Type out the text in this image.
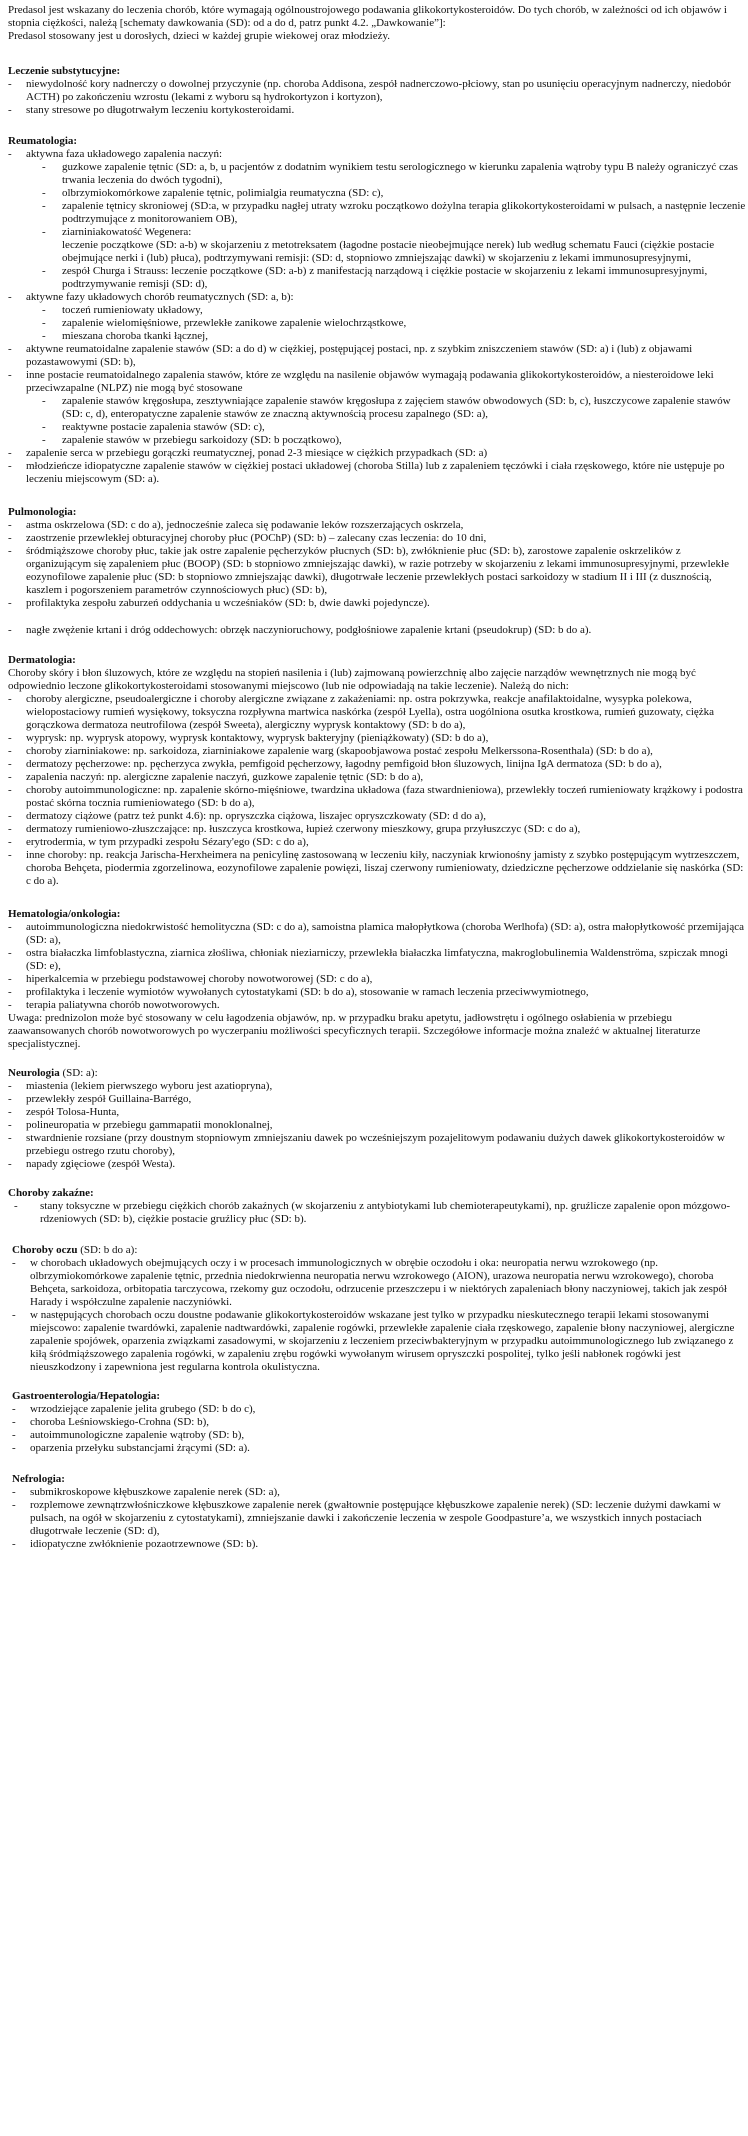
Predasol jest wskazany do leczenia chorób, które wymagają ogólnoustrojowego podawania glikokortykosteroidów. Do tych chorób, w zależności od ich objawów i stopnia ciężkości, należą [schematy dawkowania (SD): od a do d, patrz punkt 4.2. „Dawkowanie”]:

Predasol stosowany jest u dorosłych, dzieci w każdej grupie wiekowej oraz młodzieży.

Leczenie substytucyjne:

- niewydolność kory nadnerczy o dowolnej przyczynie (np. choroba Addisona, zespół nadnerczowo-płciowy, stan po usunięciu operacyjnym nadnerczy, niedobór ACTH) po zakończeniu wzrostu (lekami z wyboru są hydrokortyzon i kortyzon),
- stany stresowe po długotrwałym leczeniu kortykosteroidami.

Reumatologia:

- aktywna faza układowego zapalenia naczyń:
- guzkowe zapalenie tętnic (SD: a, b, u pacjentów z dodatnim wynikiem testu serologicznego w kierunku zapalenia wątroby typu B należy ograniczyć czas trwania leczenia do dwóch tygodni),
- olbrzymiokomórkowe zapalenie tętnic, polimialgia reumatyczna (SD: c),
- zapalenie tętnicy skroniowej (SD:a, w przypadku nagłej utraty wzroku początkowo dożylna terapia glikokortykosteroidami w pulsach, a następnie leczenie podtrzymujące z monitorowaniem OB),
- ziarniniakowatość Wegenera:
leczenie początkowe (SD: a-b) w skojarzeniu z metotreksatem (łagodne postacie nieobejmujące nerek) lub według schematu Fauci (ciężkie postacie obejmujące nerki i (lub) płuca), podtrzymywani remisji: (SD: d, stopniowo zmniejszając dawki) w skojarzeniu z lekami immunosupresyjnymi,
- zespół Churga i Strauss: leczenie początkowe (SD: a-b) z manifestacją narządową i ciężkie postacie w skojarzeniu z lekami immunosupresyjnymi, podtrzymywanie remisji (SD: d),
- aktywne fazy układowych chorób reumatycznych (SD: a, b):
- toczeń rumieniowaty układowy,
- zapalenie wielomięśniowe, przewlekłe zanikowe zapalenie wielochrząstkowe,
- mieszana choroba tkanki łącznej,
- aktywne reumatoidalne zapalenie stawów (SD: a do d) w ciężkiej, postępującej postaci, np. z szybkim zniszczeniem stawów (SD: a) i (lub) z objawami pozastawowymi (SD: b),
- inne postacie reumatoidalnego zapalenia stawów, które ze względu na nasilenie objawów wymagają podawania glikokortykosteroidów, a niesteroidowe leki przeciwzapalne (NLPZ) nie mogą być stosowane
- zapalenie stawów kręgosłupa, zesztywniające zapalenie stawów kręgosłupa z zajęciem stawów obwodowych (SD: b, c), łuszczycowe zapalenie stawów (SD: c, d), enteropatyczne zapalenie stawów ze znaczną aktywnością procesu zapalnego (SD: a),
- reaktywne postacie zapalenia stawów (SD: c),
- zapalenie stawów w przebiegu sarkoidozy (SD: b początkowo),
- zapalenie serca w przebiegu gorączki reumatycznej, ponad 2-3 miesiące w ciężkich przypadkach (SD: a)
- młodzieńcze idiopatyczne zapalenie stawów w ciężkiej postaci układowej (choroba Stilla) lub z zapaleniem tęczówki i ciała rzęskowego, które nie ustępuje po leczeniu miejscowym (SD: a).

Pulmonologia:

- astma oskrzelowa (SD: c do a), jednocześnie zaleca się podawanie leków rozszerzających oskrzela,
- zaostrzenie przewlekłej obturacyjnej choroby płuc (POChP) (SD: b) – zalecany czas leczenia: do 10 dni,
- śródmiąższowe choroby płuc, takie jak ostre zapalenie pęcherzyków płucnych (SD: b), zwłóknienie płuc (SD: b), zarostowe zapalenie oskrzelików z organizującym się zapaleniem płuc (BOOP) (SD: b stopniowo zmniejszając dawki), w razie potrzeby w skojarzeniu z lekami immunosupresyjnymi, przewlekłe eozynofilowe zapalenie płuc (SD: b stopniowo zmniejszając dawki), długotrwałe leczenie przewlekłych postaci sarkoidozy w stadium II i III (z dusznością, kaszlem i pogorszeniem parametrów czynnościowych płuc) (SD: b),
- profilaktyka zespołu zaburzeń oddychania u wcześniaków (SD: b, dwie dawki pojedyncze).
- nagłe zwężenie krtani i dróg oddechowych: obrzęk naczynioruchowy, podgłośniowe zapalenie krtani (pseudokrup) (SD: b do a).

Dermatologia:

Choroby skóry i błon śluzowych, które ze względu na stopień nasilenia i (lub) zajmowaną powierzchnię albo zajęcie narządów wewnętrznych nie mogą być odpowiednio leczone glikokortykosteroidami stosowanymi miejscowo (lub nie odpowiadają na takie leczenie). Należą do nich:

- choroby alergiczne, pseudoalergiczne i choroby alergiczne związane z zakażeniami: np. ostra pokrzywka, reakcje anafilaktoidalne, wysypka polekowa, wielopostaciowy rumień wysiękowy, toksyczna rozpływna martwica naskórka (zespół Lyella), ostra uogólniona osutka krostkowa, rumień guzowaty, ciężka gorączkowa dermatoza neutrofilowa (zespół Sweeta), alergiczny wyprysk kontaktowy (SD: b do a),
- wyprysk: np. wyprysk atopowy, wyprysk kontaktowy, wyprysk bakteryjny (pieniążkowaty) (SD: b do a),
- choroby ziarniniakowe: np. sarkoidoza, ziarniniakowe zapalenie warg (skapoobjawowa postać zespołu Melkerssona-Rosenthala) (SD: b do a),
- dermatozy pęcherzowe: np. pęcherzyca zwykła, pemfigoid pęcherzowy, łagodny pemfigoid błon śluzowych, linijna IgA dermatoza (SD: b do a),
- zapalenia naczyń: np. alergiczne zapalenie naczyń, guzkowe zapalenie tętnic (SD: b do a),
- choroby autoimmunologiczne: np. zapalenie skórno-mięśniowe, twardzina układowa (faza stwardnieniowa), przewlekły toczeń rumieniowaty krążkowy i podostra postać skórna tocznia rumieniowatego (SD: b do a),
- dermatozy ciążowe (patrz też punkt 4.6): np. opryszczka ciążowa, liszajec opryszczkowaty (SD: d do a),
- dermatozy rumieniowo-złuszczające: np. łuszczyca krostkowa, łupież czerwony mieszkowy, grupa przyłuszczyc (SD: c do a),
- erytrodermia, w tym przypadki zespołu Sézary'ego (SD: c do a),
- inne choroby: np. reakcja Jarischa-Herxheimera na penicylinę zastosowaną w leczeniu kiły, naczyniak krwionośny jamisty z szybko postępującym wytrzeszczem, choroba Behçeta, piodermia zgorzelinowa, eozynofilowe zapalenie powięzi, liszaj czerwony rumieniowaty, dziedziczne pęcherzowe oddzielanie się naskórka (SD: c do a).

Hematologia/onkologia:

- autoimmunologiczna niedokrwistość hemolityczna (SD: c do a), samoistna plamica małopłytkowa (choroba Werlhofa) (SD: a), ostra małopłytkowość przemijająca (SD: a),
- ostra białaczka limfoblastyczna, ziarnica złośliwa, chłoniak nieziarniczy, przewlekła białaczka limfatyczna, makroglobulinemia Waldenströma, szpiczak mnogi (SD: e),
- hiperkalcemia w przebiegu podstawowej choroby nowotworowej (SD: c do a),
- profilaktyka i leczenie wymiotów wywołanych cytostatykami (SD: b do a), stosowanie w ramach leczenia przeciwwymiotnego,
- terapia paliatywna chorób nowotworowych.

Uwaga: prednizolon może być stosowany w celu łagodzenia objawów, np. w przypadku braku apetytu, jadłowstrętu i ogólnego osłabienia w przebiegu zaawansowanych chorób nowotworowych po wyczerpaniu możliwości specyficznych terapii. Szczegółowe informacje można znaleźć w aktualnej literaturze specjalistycznej.

Neurologia (SD: a):

- miastenia (lekiem pierwszego wyboru jest azatiopryna),
- przewlekły zespół Guillaina-Barrégo,
- zespół Tolosa-Hunta,
- polineuropatia w przebiegu gammapatii monoklonalnej,
- stwardnienie rozsiane (przy doustnym stopniowym zmniejszaniu dawek po wcześniejszym pozajelitowym podawaniu dużych dawek glikokortykosteroidów w przebiegu ostrego rzutu choroby),
- napady zgięciowe (zespół Westa).

Choroby zakaźne:

- stany toksyczne w przebiegu ciężkich chorób zakaźnych (w skojarzeniu z antybiotykami lub chemioterapeutykami), np. gruźlicze zapalenie opon mózgowo-rdzeniowych (SD: b), ciężkie postacie gruźlicy płuc (SD: b).

Choroby oczu (SD: b do a):

- w chorobach układowych obejmujących oczy i w procesach immunologicznych w obrębie oczodołu i oka: neuropatia nerwu wzrokowego (np. olbrzymiokomórkowe zapalenie tętnic, przednia niedokrwienna neuropatia nerwu wzrokowego (AION), urazowa neuropatia nerwu wzrokowego), choroba Behçeta, sarkoidoza, orbitopatia tarczycowa, rzekomy guz oczodołu, odrzucenie przeszczepu i w niektórych zapaleniach błony naczyniowej, takich jak zespół Harady i współczulne zapalenie naczyniówki.
- w następujących chorobach oczu doustne podawanie glikokortykosteroidów wskazane jest tylko w przypadku nieskutecznego terapii lekami stosowanymi miejscowo: zapalenie twardówki, zapalenie nadtwardówki, zapalenie rogówki, przewlekłe zapalenie ciała rzęskowego, zapalenie błony naczyniowej, alergiczne zapalenie spojówek, oparzenia związkami zasadowymi, w skojarzeniu z leczeniem przeciwbakteryjnym w przypadku autoimmunologicznego lub związanego z kiłą śródmiąższowego zapalenia rogówki, w zapaleniu zrębu rogówki wywołanym wirusem opryszczki pospolitej, tylko jeśli nabłonek rogówki jest nieuszkodzony i zapewniona jest regularna kontrola okulistyczna.

Gastroenterologia/Hepatologia:

- wrzodziejące zapalenie jelita grubego (SD: b do c),
- choroba Leśniowskiego-Crohna (SD: b),
- autoimmunologiczne zapalenie wątroby (SD: b),
- oparzenia przełyku substancjami żrącymi (SD: a).

Nefrologia:

- submikroskopowe kłębuszkowe zapalenie nerek (SD: a),
- rozplemowe zewnątrzwłośniczkowe kłębuszkowe zapalenie nerek (gwałtownie postępujące kłębuszkowe zapalenie nerek) (SD: leczenie dużymi dawkami w pulsach, na ogół w skojarzeniu z cytostatykami), zmniejszanie dawki i zakończenie leczenia w zespole Goodpasture’a, we wszystkich innych postaciach długotrwałe leczenie (SD: d),
- idiopatyczne zwłóknienie pozaotrzewnowe (SD: b).
